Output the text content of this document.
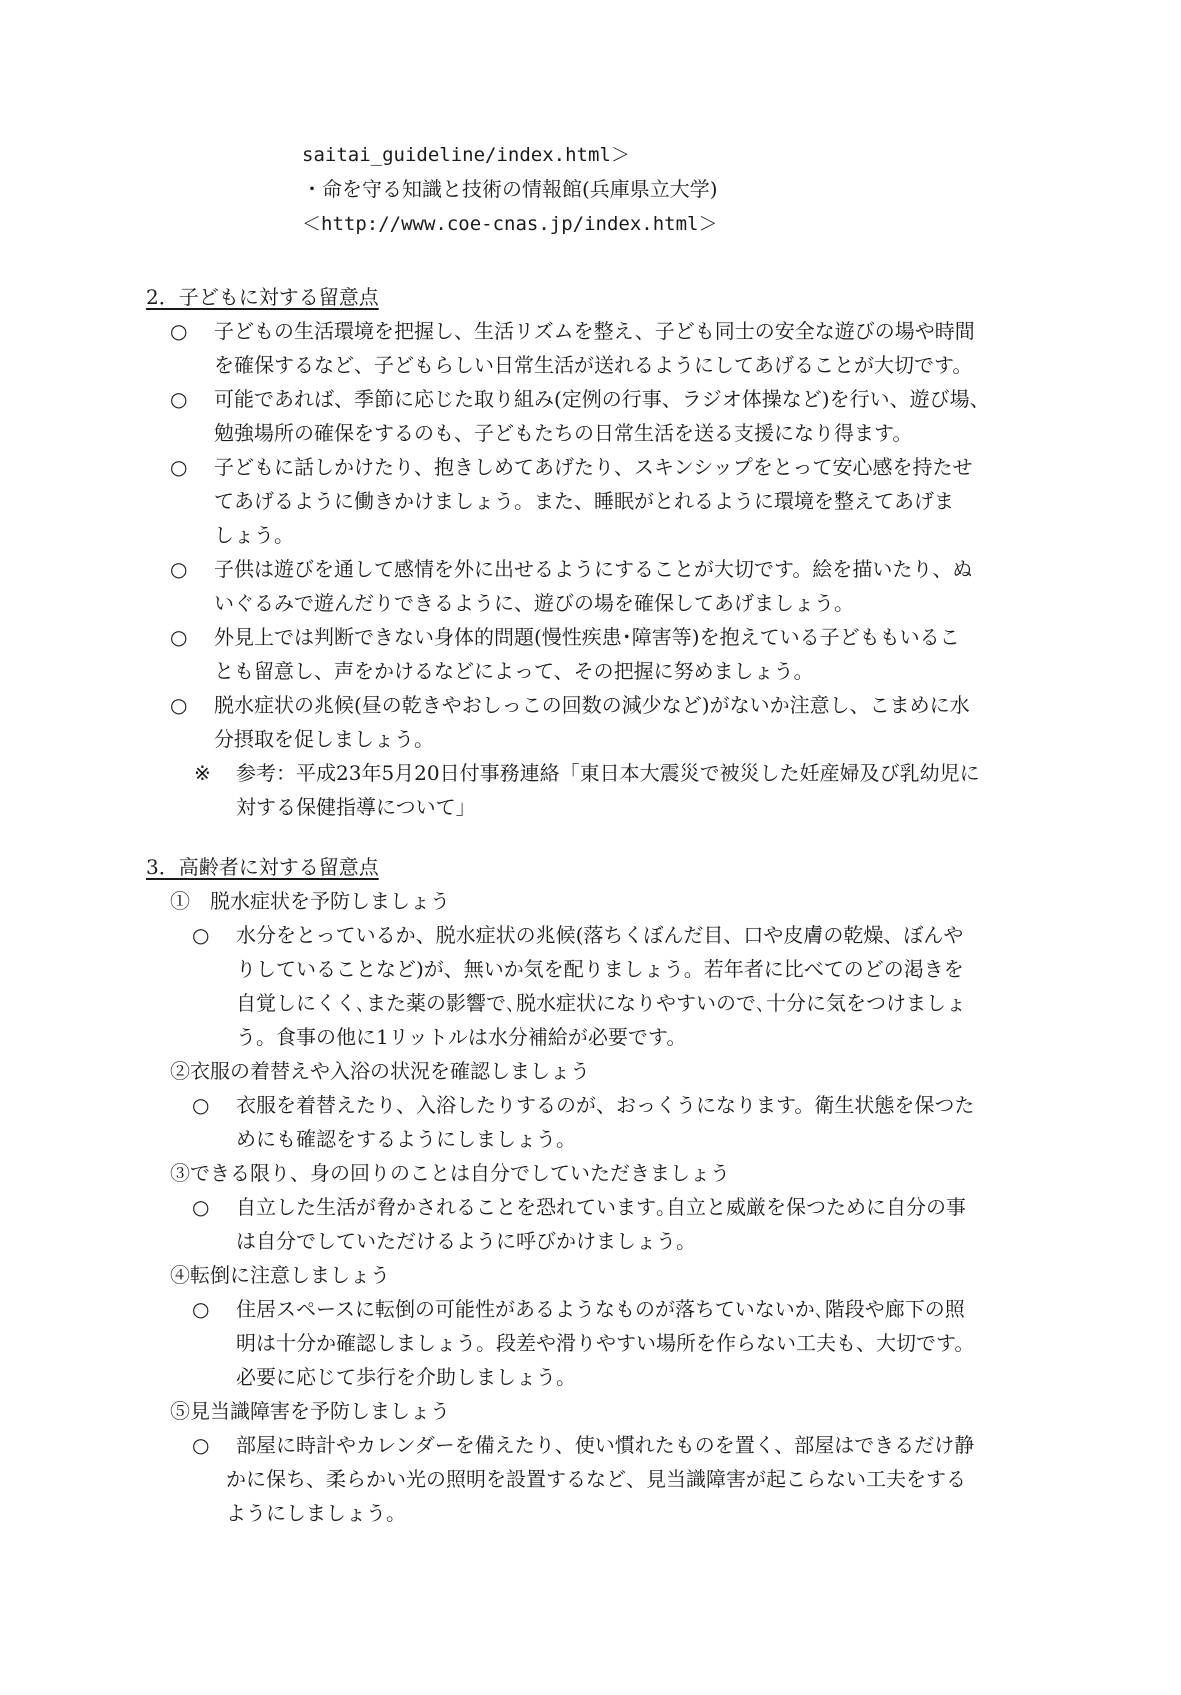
saitai_guideline/index.html＞
・命を守る知識と技術の情報館(兵庫県立大学)
＜http://www.coe-cnas.jp/index.html＞
2．子どもに対する留意点
○ 子どもの生活環境を把握し、生活リズムを整え、子ども同士の安全な遊びの場や時間
を確保するなど、子どもらしい日常生活が送れるようにしてあげることが大切です。
○ 可能であれば、季節に応じた取り組み(定例の行事、ラジオ体操など)を行い、遊び場、
勉強場所の確保をするのも、子どもたちの日常生活を送る支援になり得ます。
○ 子どもに話しかけたり、抱きしめてあげたり、スキンシップをとって安心感を持たせ
てあげるように働きかけましょう。また、睡眠がとれるように環境を整えてあげま
しょう。
○ 子供は遊びを通して感情を外に出せるようにすることが大切です。絵を描いたり、ぬ
いぐるみで遊んだりできるように、遊びの場を確保してあげましょう。
○ 外見上では判断できない身体的問題(慢性疾患･障害等)を抱えている子どももいるこ
とも留意し、声をかけるなどによって、その把握に努めましょう。
○ 脱水症状の兆候(昼の乾きやおしっこの回数の減少など)がないか注意し、こまめに水
分摂取を促しましょう。
※ 参考：平成23年5月20日付事務連絡「東日本大震災で被災した妊産婦及び乳幼児に
対する保健指導について」
3．高齢者に対する留意点
①　脱水症状を予防しましょう
○ 水分をとっているか、脱水症状の兆候(落ちくぼんだ目、口や皮膚の乾燥、ぼんや
りしていることなど)が、無いか気を配りましょう。若年者に比べてのどの渇きを
自覚しにくく､また薬の影響で､脱水症状になりやすいので､十分に気をつけましょ
う。食事の他に1リットルは水分補給が必要です。
②衣服の着替えや入浴の状況を確認しましょう
○ 衣服を着替えたり、入浴したりするのが、おっくうになります。衛生状態を保つた
めにも確認をするようにしましょう。
③できる限り、身の回りのことは自分でしていただきましょう
○ 自立した生活が脅かされることを恐れています｡自立と威厳を保つために自分の事
は自分でしていただけるように呼びかけましょう。
④転倒に注意しましょう
○ 住居スペースに転倒の可能性があるようなものが落ちていないか､階段や廊下の照
明は十分か確認しましょう。段差や滑りやすい場所を作らない工夫も、大切です。
必要に応じて歩行を介助しましょう。
⑤見当識障害を予防しましょう
○ 部屋に時計やカレンダーを備えたり、使い慣れたものを置く、部屋はできるだけ静
かに保ち、柔らかい光の照明を設置するなど、見当識障害が起こらない工夫をする
ようにしましょう。
